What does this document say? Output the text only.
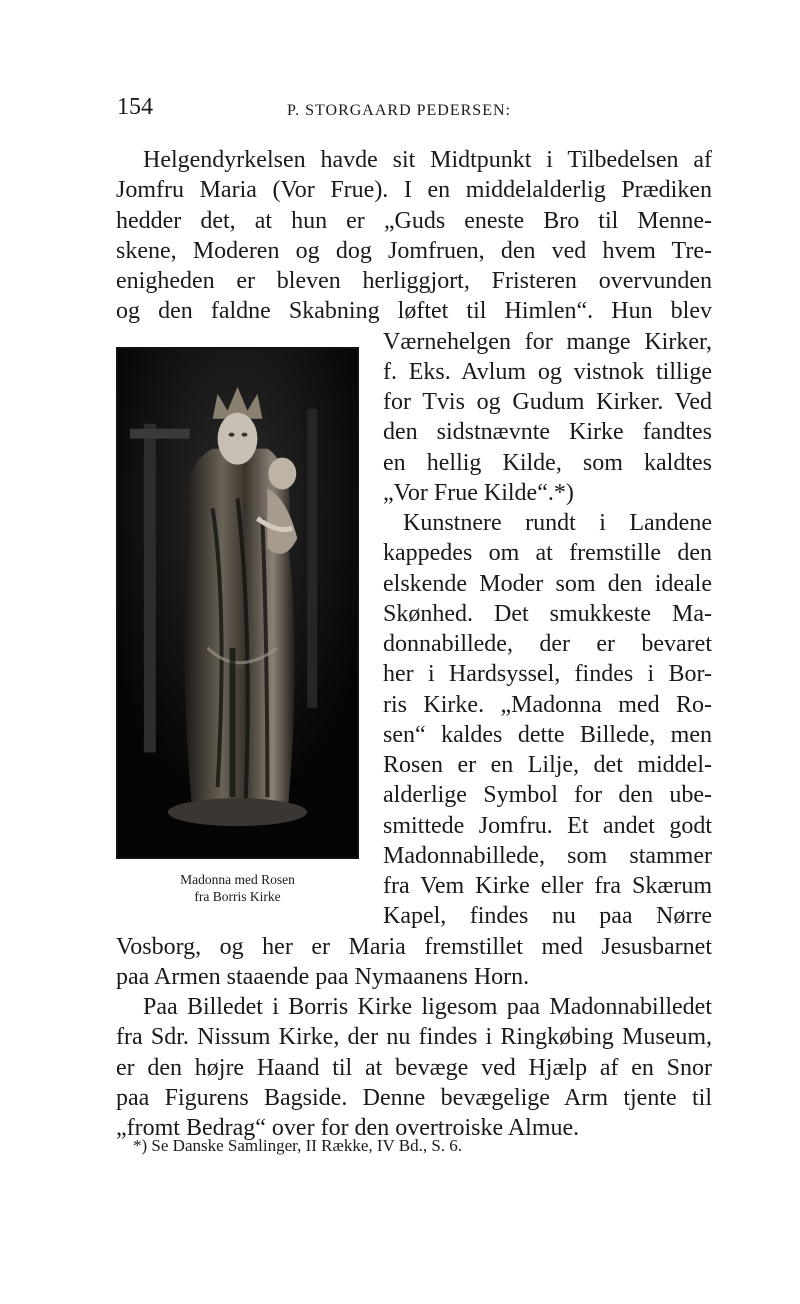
154	P. STORGAARD PEDERSEN:
Helgendyrkelsen havde sit Midtpunkt i Tilbedelsen af
Jomfru Maria (Vor Frue). I en middelalderlig Prædiken
hedder det, at hun er „Guds eneste Bro til Menne-
skene, Moderen og dog Jomfruen, den ved hvem Tre-
enigheden er bleven herliggjort, Fristeren overvunden
og den faldne Skabning løftet til Himlen“. Hun blev
Værnehelgen for mange Kirker,
f. Eks. Avlum og vistnok tillige
for Tvis og Gudum Kirker. Ved
den sidstnævnte Kirke fandtes
en hellig Kilde, som kaldtes
„Vor Frue Kilde“.*)
Kunstnere rundt i Landene
kappedes om at fremstille den
elskende Moder som den ideale
Skønhed. Det smukkeste Ma-
donnabillede, der er bevaret
her i Hardsyssel, findes i Bor-
ris Kirke. „Madonna med Ro-
sen“ kaldes dette Billede, men
Rosen er en Lilje, det middel-
alderlige Symbol for den ube-
smittede Jomfru. Et andet godt
Madonnabillede, som stammer
fra Vem Kirke eller fra Skærum
Kapel, findes nu paa Nørre
Vosborg, og her er Maria fremstillet med Jesusbarnet
paa Armen staaende paa Nymaanens Horn.
Paa Billedet i Borris Kirke ligesom paa Madonnabilledet
fra Sdr. Nissum Kirke, der nu findes i Ringkøbing Museum,
er den højre Haand til at bevæge ved Hjælp af en Snor
paa Figurens Bagside. Denne bevægelige Arm tjente til
„fromt Bedrag“ over for den overtroiske Almue.
Madonna med Rosen
fra Borris Kirke
*) Se Danske Samlinger, II Række, IV Bd., S. 6.
